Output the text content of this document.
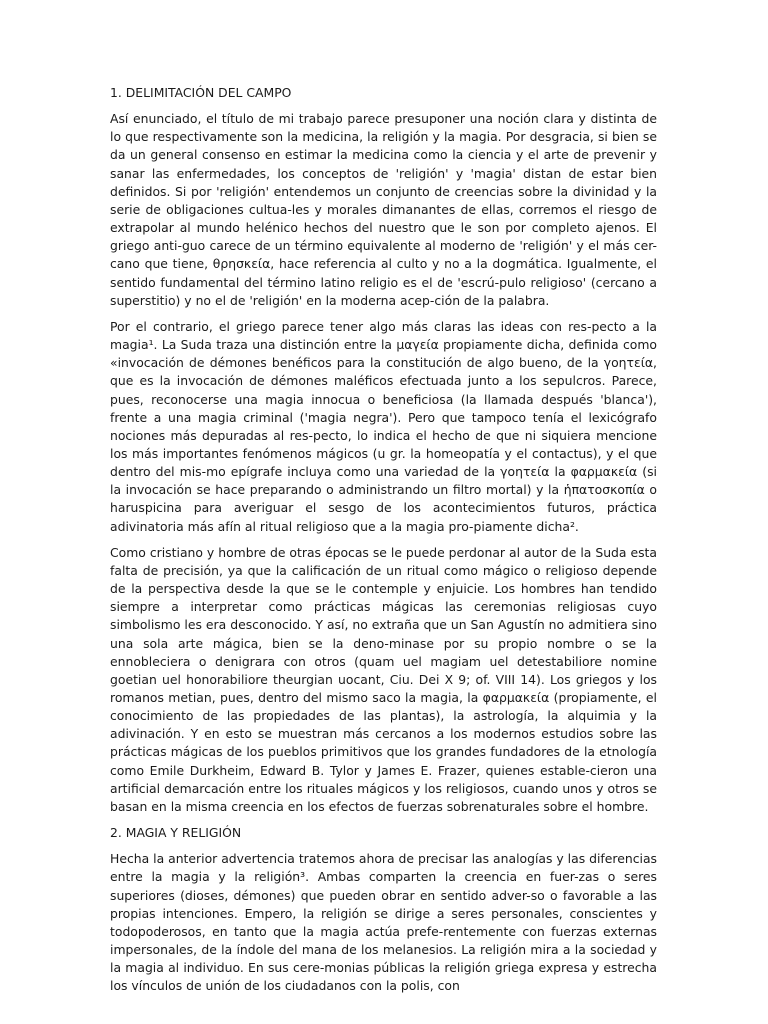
1. DELIMITACIÓN DEL CAMPO

Así enunciado, el título de mi trabajo parece presuponer una noción clara y distinta de lo que respectivamente son la medicina, la religión y la magia. Por desgracia, si bien se da un general consenso en estimar la medicina como la ciencia y el arte de prevenir y sanar las enfermedades, los conceptos de 'religión' y 'magia' distan de estar bien definidos. Si por 'religión' entendemos un conjunto de creencias sobre la divinidad y la serie de obligaciones cultua-les y morales dimanantes de ellas, corremos el riesgo de extrapolar al mundo helénico hechos del nuestro que le son por completo ajenos. El griego anti-guo carece de un término equivalente al moderno de 'religión' y el más cer-cano que tiene, θρησκεία, hace referencia al culto y no a la dogmática. Igualmente, el sentido fundamental del término latino religio es el de 'escrú-pulo religioso' (cercano a superstitio) y no el de 'religión' en la moderna acep-ción de la palabra.

Por el contrario, el griego parece tener algo más claras las ideas con res-pecto a la magia¹. La Suda traza una distinción entre la μαγεία propiamente dicha, definida como «invocación de démones benéficos para la constitución de algo bueno, de la γοητεία, que es la invocación de démones maléficos efectuada junto a los sepulcros. Parece, pues, reconocerse una magia innocua o beneficiosa (la llamada después 'blanca'), frente a una magia criminal ('magia negra'). Pero que tampoco tenía el lexicógrafo nociones más depuradas al res-pecto, lo indica el hecho de que ni siquiera mencione los más importantes fenómenos mágicos (u gr. la homeopatía y el contactus), y el que dentro del mis-mo epígrafe incluya como una variedad de la γοητεία la φαρμακεία (si la invocación se hace preparando o administrando un filtro mortal) y la ἡπατοσκοπία o haruspicina para averiguar el sesgo de los acontecimientos futuros, práctica adivinatoria más afín al ritual religioso que a la magia pro-piamente dicha².

Como cristiano y hombre de otras épocas se le puede perdonar al autor de la Suda esta falta de precisión, ya que la calificación de un ritual como mágico o religioso depende de la perspectiva desde la que se le contemple y enjuicie. Los hombres han tendido siempre a interpretar como prácticas mágicas las ceremonias religiosas cuyo simbolismo les era desconocido. Y así, no extraña que un San Agustín no admitiera sino una sola arte mágica, bien se la deno-minase por su propio nombre o se la ennobleciera o denigrara con otros (quam uel magiam uel detestabiliore nomine goetian uel honorabiliore theurgian uocant, Ciu. Dei X 9; of. VIII 14). Los griegos y los romanos metian, pues, dentro del mismo saco la magia, la φαρμακεία (propiamente, el conocimiento de las propiedades de las plantas), la astrología, la alquimia y la adivinación. Y en esto se muestran más cercanos a los modernos estudios sobre las prácticas mágicas de los pueblos primitivos que los grandes fundadores de la etnología como Emile Durkheim, Edward B. Tylor y James E. Frazer, quienes estable-cieron una artificial demarcación entre los rituales mágicos y los religiosos, cuando unos y otros se basan en la misma creencia en los efectos de fuerzas sobrenaturales sobre el hombre.

2. MAGIA Y RELIGIÓN

Hecha la anterior advertencia tratemos ahora de precisar las analogías y las diferencias entre la magia y la religión³. Ambas comparten la creencia en fuer-zas o seres superiores (dioses, démones) que pueden obrar en sentido adver-so o favorable a las propias intenciones. Empero, la religión se dirige a seres personales, conscientes y todopoderosos, en tanto que la magia actúa prefe-rentemente con fuerzas externas impersonales, de la índole del mana de los melanesios. La religión mira a la sociedad y la magia al individuo. En sus cere-monias públicas la religión griega expresa y estrecha los vínculos de unión de los ciudadanos con la polis, con
